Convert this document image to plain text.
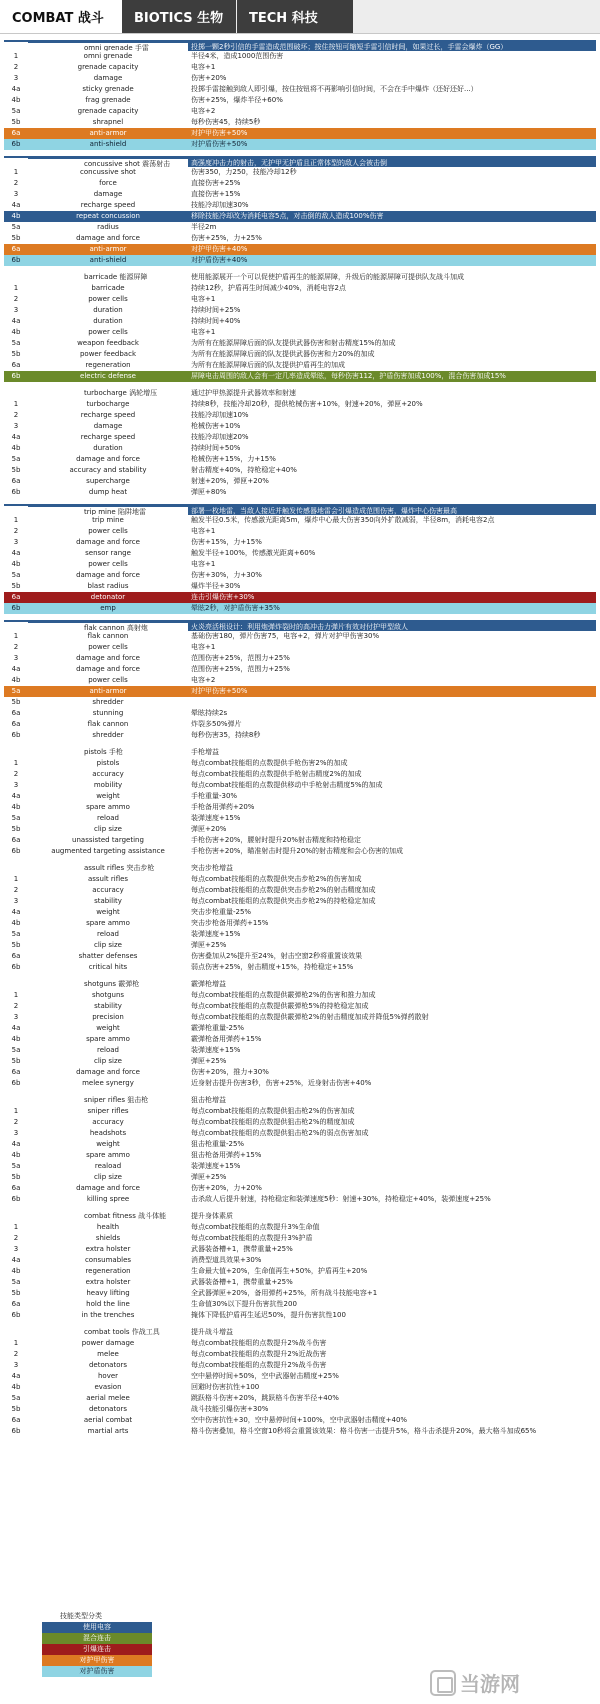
COMBAT 战斗	BIOTICS 生物	TECH 科技
omni grenade 手雷	投掷一颗2秒引信的手雷造成范围破坏；按住按钮可缩短手雷引信时间，如果过长，手雷会爆炸（GG）
1	omni grenade	半径4米，造成1000范围伤害
2	grenade capacity	电容+1
3	damage	伤害+20%
4a	sticky grenade	投掷手雷接触到敌人即引爆，按住按钮将不再影响引信时间，不会在手中爆炸（还好还好...）
4b	frag grenade	伤害+25%，爆炸半径+60%
5a	grenade capacity	电容+2
5b	shrapnel	每秒伤害45，持续5秒
6a	anti-armor	对护甲伤害+50%
6b	anti-shield	对护盾伤害+50%
concussive shot 震荡射击	高强度冲击力的射击，无护甲无护盾且正常体型的敌人会被击倒
1	concussive shot	伤害350，力250，技能冷却12秒
2	force	直接伤害+25%
3	damage	直接伤害+15%
4a	recharge speed	技能冷却加速30%
4b	repeat concussion	移除技能冷却改为消耗电容5点，对击倒的敌人造成100%伤害
5a	radius	半径2m
5b	damage and force	伤害+25%，力+25%
6a	anti-armor	对护甲伤害+40%
6b	anti-shield	对护盾伤害+40%
barricade 能源屏障	使用能源展开一个可以促使护盾再生的能源屏障，升级后的能源屏障可提供队友战斗加成
1	barricade	持续12秒，护盾再生时间减少40%，消耗电容2点
2	power cells	电容+1
3	duration	持续时间+25%
4a	duration	持续时间+40%
4b	power cells	电容+1
5a	weapon feedback	为所有在能源屏障后面的队友提供武器伤害和射击精度15%的加成
5b	power feedback	为所有在能源屏障后面的队友提供武器伤害和力20%的加成
6a	regeneration	为所有在能源屏障后面的队友提供护盾再生的加成
6b	electric defense	屏障电击周围的敌人会有一定几率造成晕眩，每秒伤害112，护盾伤害加成100%，混合伤害加成15%
turbocharge 涡轮增压	通过护甲热源提升武器效率和射速
1	turbocharge	持续8秒，技能冷却20秒，提供枪械伤害+10%，射速+20%，弹匣+20%
2	recharge speed	技能冷却加速10%
3	damage	枪械伤害+10%
4a	recharge speed	技能冷却加速20%
4b	duration	持续时间+50%
5a	damage and force	枪械伤害+15%，力+15%
5b	accuracy and stability	射击精度+40%，持枪稳定+40%
6a	supercharge	射速+20%，弹匣+20%
6b	dump heat	弹匣+80%
trip mine 陷阱地雷	部署一枚地雷，当敌人接近并触发传感器地雷会引爆造成范围伤害，爆炸中心伤害最高
1	trip mine	触发半径0.5米，传感激光距离5m，爆炸中心最大伤害350向外扩散减弱，半径8m，消耗电容2点
2	power cells	电容+1
3	damage and force	伤害+15%，力+15%
4a	sensor range	触发半径+100%，传感激光距离+60%
4b	power cells	电容+1
5a	damage and force	伤害+30%，力+30%
5b	blast radius	爆炸半径+30%
6a	detonator	连击引爆伤害+30%
6b	emp	晕眩2秒，对护盾伤害+35%
flak cannon 高射炮	火炎亮活根设计：利用炮弹炸裂时的高冲击力弹片有效对付护甲型敌人
1	flak cannon	基础伤害180，弹片伤害75，电容+2，弹片对护甲伤害30%
2	power cells	电容+1
3	damage and force	范围伤害+25%，范围力+25%
4a	damage and force	范围伤害+25%，范围力+25%
4b	power cells	电容+2
5a	anti-armor	对护甲伤害+50%
5b	shredder
6a	stunning	晕眩持续2s
6a	flak cannon	炸裂多50%弹片
6b	shredder	每秒伤害35，持续8秒
pistols 手枪	手枪增益
1	pistols	每点combat技能组的点数提供手枪伤害2%的加成
2	accuracy	每点combat技能组的点数提供手枪射击精度2%的加成
3	mobility	每点combat技能组的点数提供移动中手枪射击精度5%的加成
4a	weight	手枪重量-30%
4b	spare ammo	手枪备用弹药+20%
5a	reload	装弹速度+15%
5b	clip size	弹匣+20%
6a	unassisted targeting	手枪伤害+20%，腰射时提升20%射击精度和持枪稳定
6b	augmented targeting assistance	手枪伤害+20%，瞄准射击时提升20%的射击精度和会心伤害的加成
assult rifles 突击步枪	突击步枪增益
1	assult rifles	每点combat技能组的点数提供突击步枪2%的伤害加成
2	accuracy	每点combat技能组的点数提供突击步枪2%的射击精度加成
3	stability	每点combat技能组的点数提供突击步枪2%的持枪稳定加成
4a	weight	突击步枪重量-25%
4b	spare ammo	突击步枪备用弹药+15%
5a	reload	装弹速度+15%
5b	clip size	弹匣+25%
6a	shatter defenses	伤害叠加从2%提升至24%，射击空窗2秒将重置该效果
6b	critical hits	弱点伤害+25%，射击精度+15%，持枪稳定+15%
shotguns 霰弹枪	霰弹枪增益
1	shotguns	每点combat技能组的点数提供霰弹枪2%的伤害和推力加成
2	stability	每点combat技能组的点数提供霰弹枪5%的持枪稳定加成
3	precision	每点combat技能组的点数提供霰弹枪2%的射击精度加成并降低5%弹药散射
4a	weight	霰弹枪重量-25%
4b	spare ammo	霰弹枪备用弹药+15%
5a	reload	装弹速度+15%
5b	clip size	弹匣+25%
6a	damage and force	伤害+20%，推力+30%
6b	melee synergy	近身射击提升伤害3秒，伤害+25%，近身射击伤害+40%
sniper rifles 狙击枪	狙击枪增益
1	sniper rifles	每点combat技能组的点数提供狙击枪2%的伤害加成
2	accuracy	每点combat技能组的点数提供狙击枪2%的精度加成
3	headshots	每点combat技能组的点数提供狙击枪2%的弱点伤害加成
4a	weight	狙击枪重量-25%
4b	spare ammo	狙击枪备用弹药+15%
5a	reaload	装弹速度+15%
5b	clip size	弹匣+25%
6a	damage and force	伤害+20%，力+20%
6b	killing spree	击杀敌人后提升射速，持枪稳定和装弹速度5秒：射速+30%，持枪稳定+40%，装弹速度+25%
combat fitness 战斗体能	提升身体素质
1	health	每点combat技能组的点数提升3%生命值
2	shields	每点combat技能组的点数提升3%护盾
3	extra holster	武器装备槽+1，携带重量+25%
4a	consumables	消费型道具效果+30%
4b	regeneration	生命最大值+20%，生命值再生+50%，护盾再生+20%
5a	extra holster	武器装备槽+1，携带重量+25%
5b	heavy lifting	全武器弹匣+20%，备用弹药+25%，所有战斗技能电容+1
6a	hold the line	生命值30%以下提升伤害抗性200
6b	in the trenches	掩体下降低护盾再生延迟50%，提升伤害抗性100
combat tools 作战工具	提升战斗增益
1	power damage	每点combat技能组的点数提升2%战斗伤害
2	melee	每点combat技能组的点数提升2%近战伤害
3	detonators	每点combat技能组的点数提升2%战斗伤害
4a	hover	空中悬停时间+50%，空中武器射击精度+25%
4b	evasion	回避时伤害抗性+100
5a	aerial melee	跳跃格斗伤害+20%，跳跃格斗伤害半径+40%
5b	detonators	战斗技能引爆伤害+30%
6a	aerial combat	空中伤害抗性+30，空中悬停时间+100%，空中武器射击精度+40%
6b	martial arts	格斗伤害叠加，格斗空窗10秒将会重置该效果：格斗伤害一击提升5%，格斗击杀提升20%，最大格斗加成65%
技能类型分类
使用电容
混合连击
引爆连击
对护甲伤害
对护盾伤害
当游网
